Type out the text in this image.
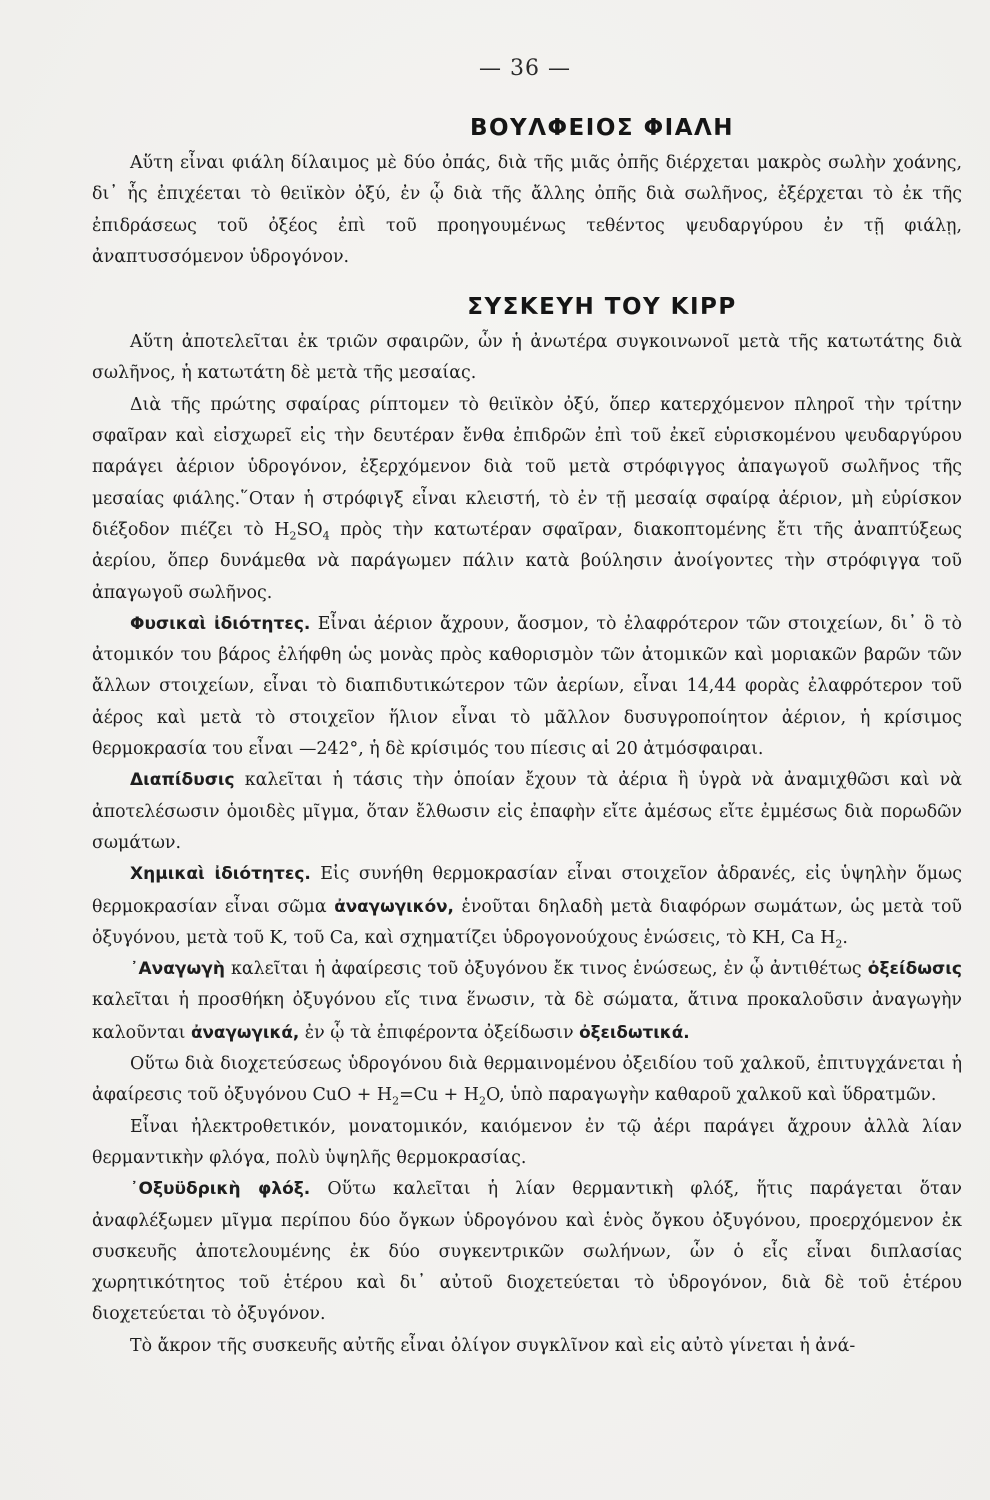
— 36 —
ΒΟΥΛΦΕΙΟΣ ΦΙΑΛΗ

Αὕτη εἶναι φιάλη δίλαιμος μὲ δύο ὀπάς, διὰ τῆς μιᾶς ὀπῆς διέρχεται μακρὸς σωλὴν χοάνης, δι᾿ ἧς ἐπιχέεται τὸ θειϊκὸν ὀξύ, ἐν ᾧ διὰ τῆς ἄλλης ὀπῆς διὰ σωλῆνος, ἐξέρχεται τὸ ἐκ τῆς ἐπιδράσεως τοῦ ὀξέος ἐπὶ τοῦ προηγουμένως τεθέντος ψευδαργύρου ἐν τῇ φιάλῃ, ἀναπτυσσόμενον ὑδρογόνον.

ΣΥΣΚΕΥΗ ΤΟΥ ΚΙΡΡ

Αὕτη ἀποτελεῖται ἐκ τριῶν σφαιρῶν, ὧν ἡ ἀνωτέρα συγκοινωνοῖ μετὰ τῆς κατωτάτης διὰ σωλῆνος, ἡ κατωτάτη δὲ μετὰ τῆς μεσαίας.

Διὰ τῆς πρώτης σφαίρας ρίπτομεν τὸ θειϊκὸν ὀξύ, ὅπερ κατερχόμενον πληροῖ τὴν τρίτην σφαῖραν καὶ εἰσχωρεῖ εἰς τὴν δευτέραν ἔνθα ἐπιδρῶν ἐπὶ τοῦ ἐκεῖ εὑρισκομένου ψευδαργύρου παράγει ἀέριον ὑδρογόνον, ἐξερχόμενον διὰ τοῦ μετὰ στρόφιγγος ἀπαγωγοῦ σωλῆνος τῆς μεσαίας φιάλης.῞Οταν ἡ στρόφιγξ εἶναι κλειστή, τὸ ἐν τῇ μεσαίᾳ σφαίρᾳ ἀέριον, μὴ εὑρίσκον διέξοδον πιέζει τὸ $H_2SO_4$ πρὸς τὴν κατωτέραν σφαῖραν, διακοπτομένης ἔτι τῆς ἀναπτύξεως ἀερίου, ὅπερ δυνάμεθα νὰ παράγωμεν πάλιν κατὰ βούλησιν ἀνοίγοντες τὴν στρόφιγγα τοῦ ἀπαγωγοῦ σωλῆνος.

Φυσικαὶ ἰδιότητες. Εἶναι ἀέριον ἄχρουν, ἄοσμον, τὸ ἐλαφρότερον τῶν στοιχείων, δι᾿ ὃ τὸ ἀτομικόν του βάρος ἐλήφθη ὡς μονὰς πρὸς καθορισμὸν τῶν ἀτομικῶν καὶ μοριακῶν βαρῶν τῶν ἄλλων στοιχείων, εἶναι τὸ διαπιδυτικώτερον τῶν ἀερίων, εἶναι 14,44 φορὰς ἐλαφρότερον τοῦ ἀέρος καὶ μετὰ τὸ στοιχεῖον ἥλιον εἶναι τὸ μᾶλλον δυσυγροποίητον ἀέριον, ἡ κρίσιμος θερμοκρασία του εἶναι —242°, ἡ δὲ κρίσιμός του πίεσις αἱ 20 ἀτμόσφαιραι.

Διαπίδυσις καλεῖται ἡ τάσις τὴν ὁποίαν ἔχουν τὰ ἀέρια ἢ ὑγρὰ νὰ ἀναμιχθῶσι καὶ νὰ ἀποτελέσωσιν ὁμοιδὲς μῖγμα, ὅταν ἔλθωσιν εἰς ἐπαφὴν εἴτε ἀμέσως εἴτε ἐμμέσως διὰ πορωδῶν σωμάτων.

Χημικαὶ ἰδιότητες. Εἰς συνήθη θερμοκρασίαν εἶναι στοιχεῖον ἀδρανές, εἰς ὑψηλὴν ὅμως θερμοκρασίαν εἶναι σῶμα ἀναγωγικόν, ἑνοῦται δηλαδὴ μετὰ διαφόρων σωμάτων, ὡς μετὰ τοῦ ὀξυγόνου, μετὰ τοῦ K, τοῦ Ca, καὶ σχηματίζει ὑδρογονούχους ἑνώσεις, τὸ KH, Ca $H_2$.

᾿Αναγωγὴ καλεῖται ἡ ἀφαίρεσις τοῦ ὀξυγόνου ἔκ τινος ἑνώσεως, ἐν ᾧ ἀντιθέτως ὀξείδωσις καλεῖται ἡ προσθήκη ὀξυγόνου εἴς τινα ἕνωσιν, τὰ δὲ σώματα, ἅτινα προκαλοῦσιν ἀναγωγὴν καλοῦνται ἀναγωγικά, ἐν ᾧ τὰ ἐπιφέροντα ὀξείδωσιν ὀξειδωτικά.

Οὕτω διὰ διοχετεύσεως ὑδρογόνου διὰ θερμαινομένου ὀξειδίου τοῦ χαλκοῦ, ἐπιτυγχάνεται ἡ ἀφαίρεσις τοῦ ὀξυγόνου CuO + $H_2=Cu + H_2O$, ὑπὸ παραγωγὴν καθαροῦ χαλκοῦ καὶ ὕδρατμῶν.

Εἶναι ἠλεκτροθετικόν, μονατομικόν, καιόμενον ἐν τῷ ἀέρι παράγει ἄχρουν ἀλλὰ λίαν θερμαντικὴν φλόγα, πολὺ ὑψηλῆς θερμοκρασίας.

᾿Οξυϋδρικὴ φλόξ. Οὕτω καλεῖται ἡ λίαν θερμαντικὴ φλόξ, ἥτις παράγεται ὅταν ἀναφλέξωμεν μῖγμα περίπου δύο ὄγκων ὑδρογόνου καὶ ἑνὸς ὄγκου ὀξυγόνου, προερχόμενον ἐκ συσκευῆς ἀποτελουμένης ἐκ δύο συγκεντρικῶν σωλήνων, ὧν ὁ εἷς εἶναι διπλασίας χωρητικότητος τοῦ ἑτέρου καὶ δι᾿ αὐτοῦ διοχετεύεται τὸ ὑδρογόνον, διὰ δὲ τοῦ ἑτέρου διοχετεύεται τὸ ὀξυγόνον.

Τὸ ἄκρον τῆς συσκευῆς αὐτῆς εἶναι ὀλίγον συγκλῖνον καὶ εἰς αὐτὸ γίνεται ἡ ἀνά-
